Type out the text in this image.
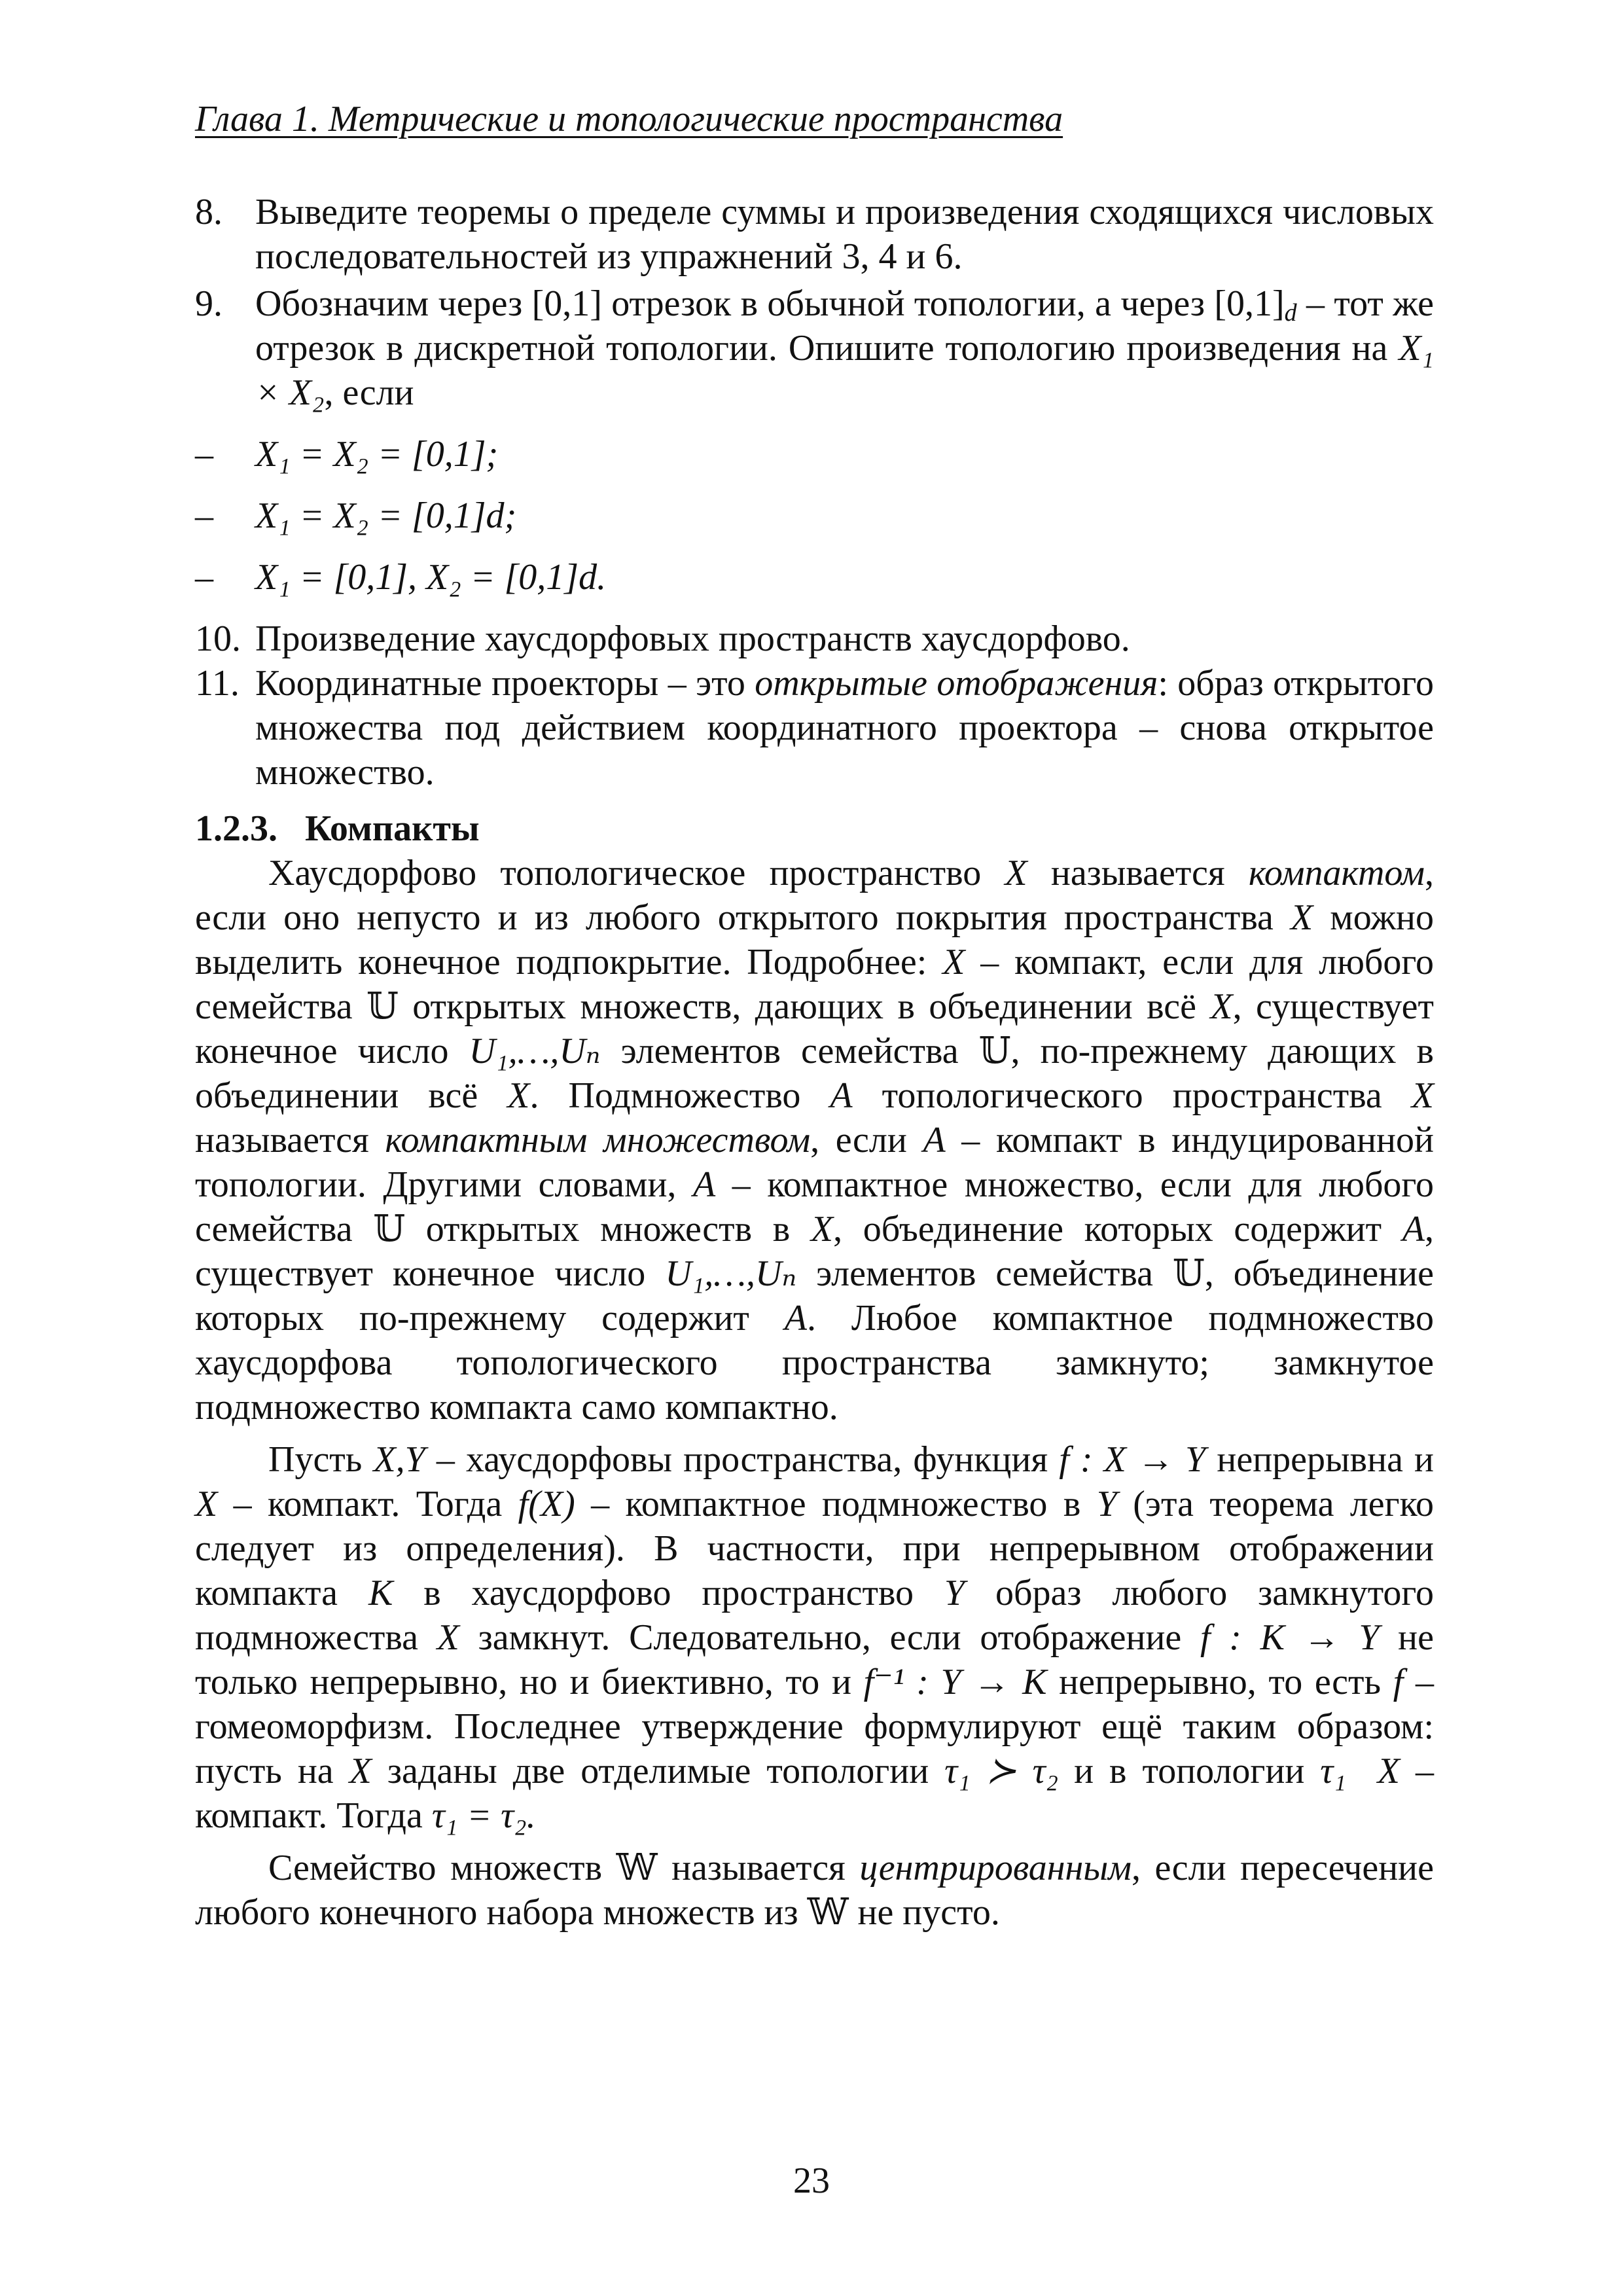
Глава 1. Метрические и топологические пространства
8. Выведите теоремы о пределе суммы и произведения сходящихся числовых последовательностей из упражнений 3, 4 и 6.
9. Обозначим через [0,1] отрезок в обычной топологии, а через [0,1]d – тот же отрезок в дискретной топологии. Опишите топологию произведения на X₁ × X₂, если
– X₁ = X₂ = [0,1];
– X₁ = X₂ = [0,1]d;
– X₁ = [0,1], X₂ = [0,1]d.
10. Произведение хаусдорфовых пространств хаусдорфово.
11. Координатные проекторы – это открытые отображения: образ открытого множества под действием координатного проектора – снова открытое множество.
1.2.3. Компакты
Хаусдорфово топологическое пространство X называется компактом, если оно непусто и из любого открытого покрытия пространства X можно выделить конечное подпокрытие. Подробнее: X – компакт, если для любого семейства 𝕌 открытых множеств, дающих в объединении всё X, существует конечное число U₁,…,Uₙ элементов семейства 𝕌, по-прежнему дающих в объединении всё X. Подмножество A топологического пространства X называется компактным множеством, если A – компакт в индуцированной топологии. Другими словами, A – компактное множество, если для любого семейства 𝕌 открытых множеств в X, объединение которых содержит A, существует конечное число U₁,…,Uₙ элементов семейства 𝕌, объединение которых по-прежнему содержит A. Любое компактное подмножество хаусдорфова топологического пространства замкнуто; замкнутое подмножество компакта само компактно.
Пусть X,Y – хаусдорфовы пространства, функция f : X → Y непрерывна и X – компакт. Тогда f(X) – компактное подмножество в Y (эта теорема легко следует из определения). В частности, при непрерывном отображении компакта K в хаусдорфово пространство Y образ любого замкнутого подмножества X замкнут. Следовательно, если отображение f : K → Y не только непрерывно, но и биективно, то и f⁻¹ : Y → K непрерывно, то есть f – гомеоморфизм. Последнее утверждение формулируют ещё таким образом: пусть на X заданы две отделимые топологии τ₁ ≻ τ₂ и в топологии τ₁ X – компакт. Тогда τ₁ = τ₂.
Семейство множеств 𝕎 называется центрированным, если пересечение любого конечного набора множеств из 𝕎 не пусто.
23
